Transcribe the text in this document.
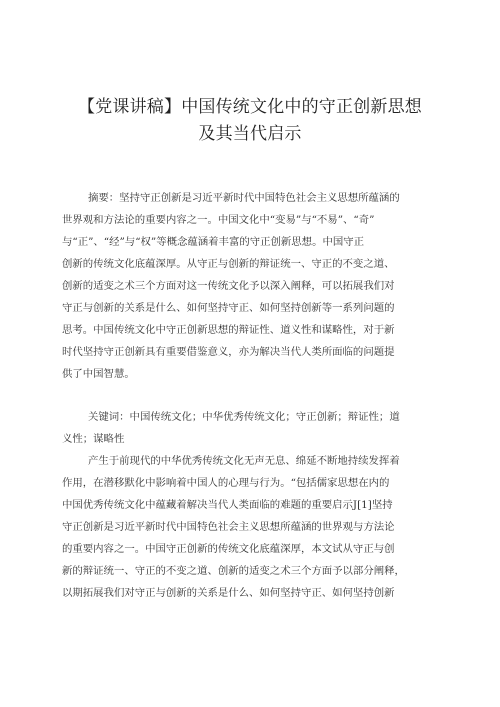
【党课讲稿】中国传统文化中的守正创新思想
及其当代启示
摘要：坚持守正创新是习近平新时代中国特色社会主义思想所蕴涵的
世界观和方法论的重要内容之一。中国文化中“变易”与“不易”、“奇”
与“正”、“经”与“权”等概念蕴涵着丰富的守正创新思想。中国守正
创新的传统文化底蕴深厚。从守正与创新的辩证统一、守正的不变之道、
创新的适变之术三个方面对这一传统文化予以深入阐释，可以拓展我们对
守正与创新的关系是什么、如何坚持守正、如何坚持创新等一系列问题的
思考。中国传统文化中守正创新思想的辩证性、道义性和谋略性，对于新
时代坚持守正创新具有重要借鉴意义，亦为解决当代人类所面临的问题提
供了中国智慧。
关键词：中国传统文化；中华优秀传统文化；守正创新；辩证性；道
义性；谋略性
产生于前现代的中华优秀传统文化无声无息、绵延不断地持续发挥着
作用，在潜移默化中影响着中国人的心理与行为。“包括儒家思想在内的
中国优秀传统文化中蕴藏着解决当代人类面临的难题的重要启示J[1]坚持
守正创新是习近平新时代中国特色社会主义思想所蕴涵的世界观与方法论
的重要内容之一。中国守正创新的传统文化底蕴深厚，本文试从守正与创
新的辩证统一、守正的不变之道、创新的适变之术三个方面予以部分阐释，
以期拓展我们对守正与创新的关系是什么、如何坚持守正、如何坚持创新
